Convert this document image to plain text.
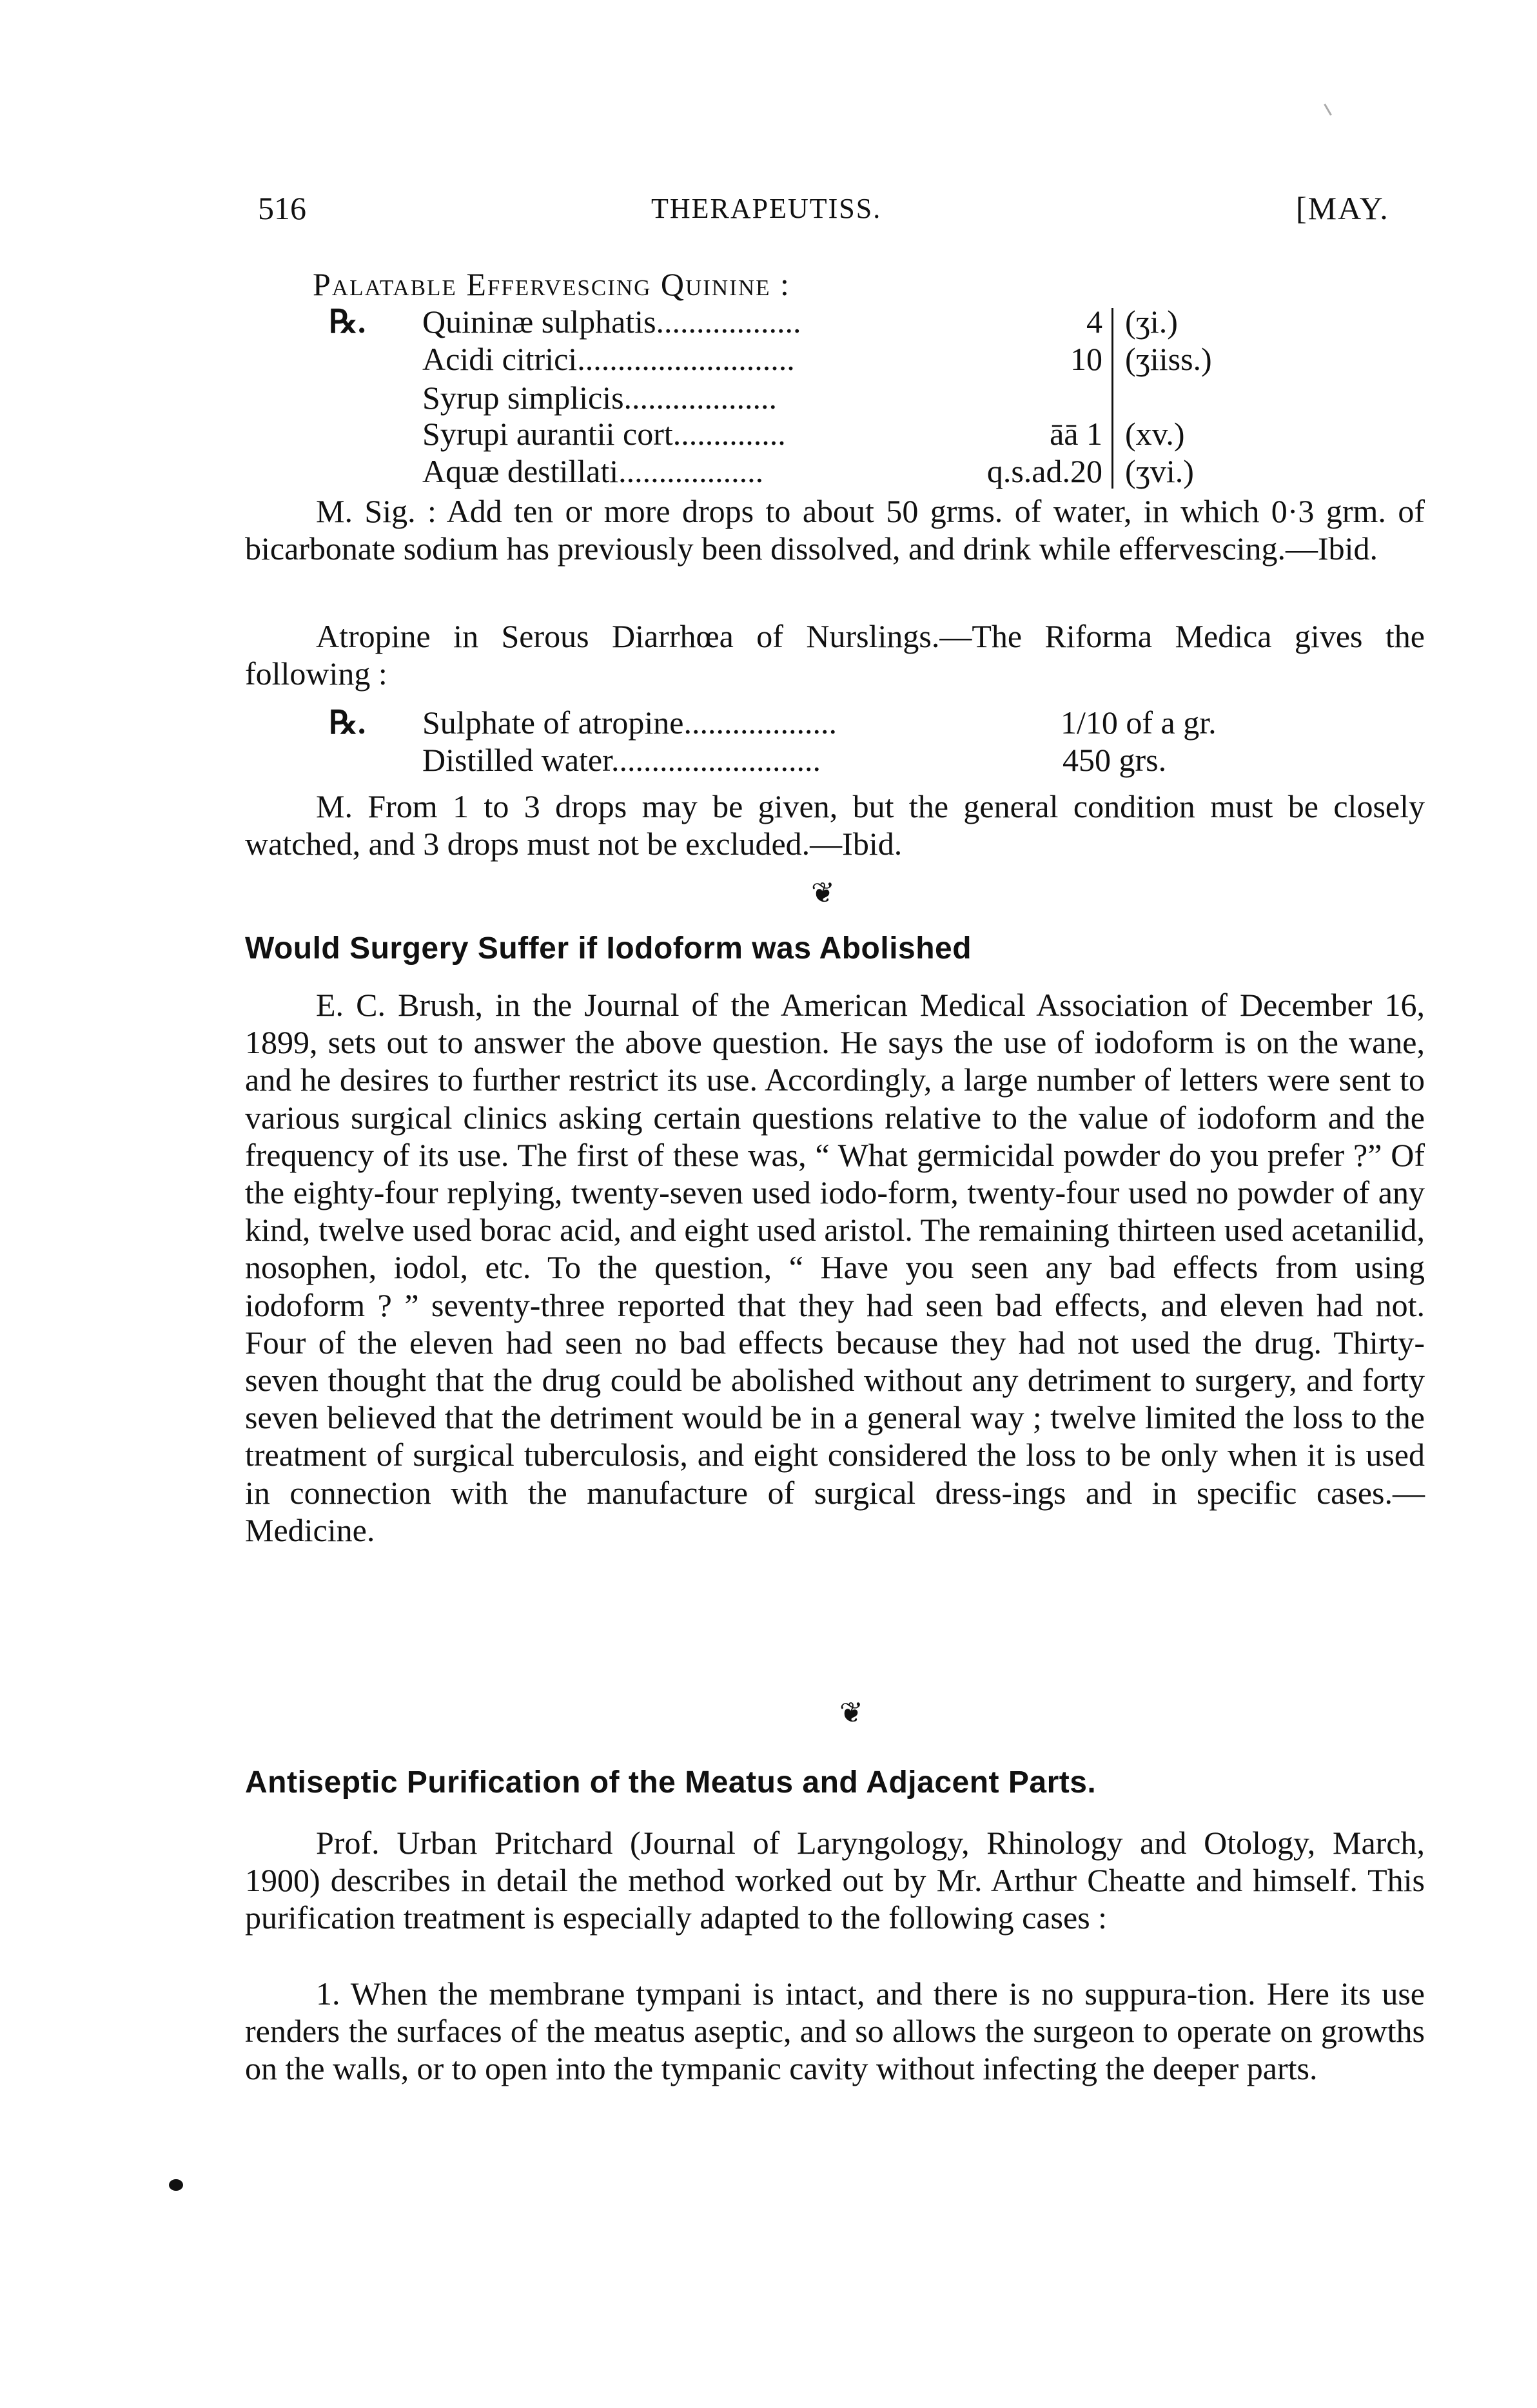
516	THERAPEUTISS.	[MAY.
Palatable Effervescing Quinine :
℞. Quininæ sulphatis..................	4 (ʒi.)
Acidi citrici...........................	10 (ʒiiss.)
Syrup simplicis...................
Syrupi aurantii cort..............	āā 1 (xv.)
Aquæ destillati..................	q.s.ad.20 (ʒvi.)
M. Sig. : Add ten or more drops to about 50 grms. of water, in which 0·3 grm. of bicarbonate sodium has previously been dissolved, and drink while effervescing.—Ibid.
Atropine in Serous Diarrhœa of Nurslings.—The Riforma Medica gives the following :
℞. Sulphate of atropine...................	1/10 of a gr.
Distilled water..........................	450 grs.
M. From 1 to 3 drops may be given, but the general condition must be closely watched, and 3 drops must not be excluded.—Ibid.
❦
Would Surgery Suffer if Iodoform was Abolished
E. C. Brush, in the Journal of the American Medical Association of December 16, 1899, sets out to answer the above question. He says the use of iodoform is on the wane, and he desires to further restrict its use. Accordingly, a large number of letters were sent to various surgical clinics asking certain questions relative to the value of iodoform and the frequency of its use. The first of these was, “ What germicidal powder do you prefer ?” Of the eighty-four replying, twenty-seven used iodo-form, twenty-four used no powder of any kind, twelve used borac acid, and eight used aristol. The remaining thirteen used acetanilid, nosophen, iodol, etc. To the question, “ Have you seen any bad effects from using iodoform ? ” seventy-three reported that they had seen bad effects, and eleven had not. Four of the eleven had seen no bad effects because they had not used the drug. Thirty-seven thought that the drug could be abolished without any detriment to surgery, and forty seven believed that the detriment would be in a general way ; twelve limited the loss to the treatment of surgical tuberculosis, and eight considered the loss to be only when it is used in connection with the manufacture of surgical dress-ings and in specific cases.—Medicine.
❦
Antiseptic Purification of the Meatus and Adjacent Parts.
Prof. Urban Pritchard (Journal of Laryngology, Rhinology and Otology, March, 1900) describes in detail the method worked out by Mr. Arthur Cheatte and himself. This purification treatment is especially adapted to the following cases :
1. When the membrane tympani is intact, and there is no suppura-tion. Here its use renders the surfaces of the meatus aseptic, and so allows the surgeon to operate on growths on the walls, or to open into the tympanic cavity without infecting the deeper parts.
